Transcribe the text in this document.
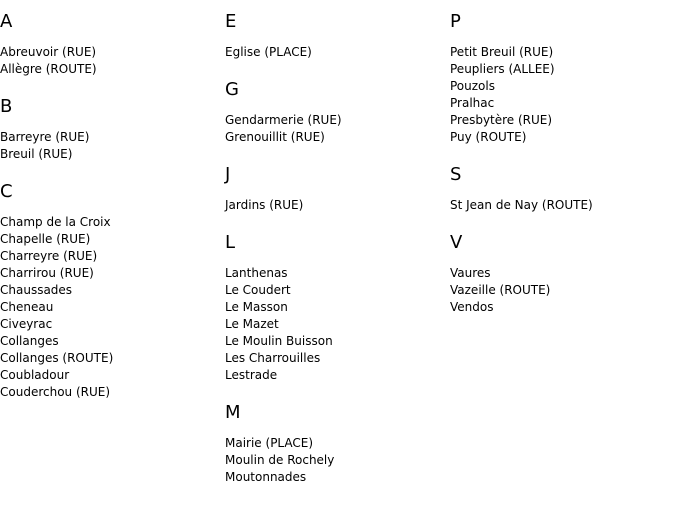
A
Abreuvoir (RUE)
Allègre (ROUTE)
B
Barreyre (RUE)
Breuil (RUE)
C
Champ de la Croix
Chapelle (RUE)
Charreyre (RUE)
Charrirou (RUE)
Chaussades
Cheneau
Civeyrac
Collanges
Collanges (ROUTE)
Coubladour
Couderchou (RUE)
E
Eglise (PLACE)
G
Gendarmerie (RUE)
Grenouillit (RUE)
J
Jardins (RUE)
L
Lanthenas
Le Coudert
Le Masson
Le Mazet
Le Moulin Buisson
Les Charrouilles
Lestrade
M
Mairie (PLACE)
Moulin de Rochely
Moutonnades
P
Petit Breuil (RUE)
Peupliers (ALLEE)
Pouzols
Pralhac
Presbytère (RUE)
Puy (ROUTE)
S
St Jean de Nay (ROUTE)
V
Vaures
Vazeille (ROUTE)
Vendos
